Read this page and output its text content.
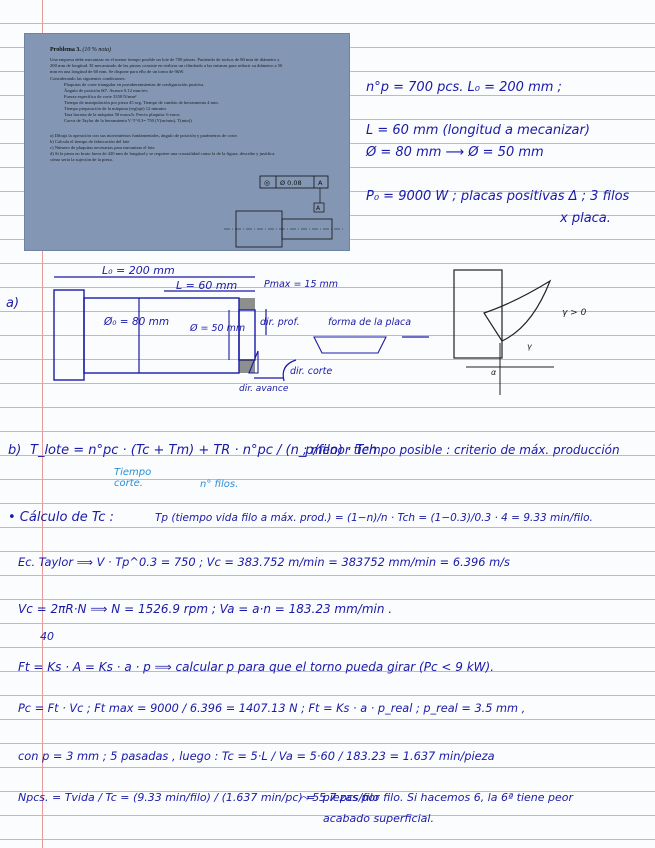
Problema 3. (10 % nota)
Una empresa debe mecanizar en el menor tiempo posible un lote de 700 piezas. Partiendo de tochos de 80 mm de diámetro y
200 mm de longitud. El mecanizado de las piezas consiste en realizar un cilindrado a las mismas para reducir su diámetro a 50
mm en una longitud de 60 mm. Se dispone para ello de un torno de 9kW.
Considerando las siguientes condiciones:
Plaquitas de corte triangular en portaherramientas de configuración positiva.
Ángulo de posición 60º. Avance 0.12 mm/rev.
Fuerza específica de corte 3350 N/mm²
Tiempo de manipulación por pieza 45 seg. Tiempo de cambio de herramienta 4 min.
Tiempo preparación de la máquina (reglaje) 12 minutos
Tasa horaria de la máquina 50 euros/h. Precio plaquita: 6 euros
Curva de Taylor de la herramienta V·T^0.3= 750 (V(m/min), T(min))
a) Dibuja la operación con sus movimientos fundamentales, ángulo de posición y parámetros de corte.
b) Calcula el tiempo de fabricación del lote
c) Número de plaquitas necesarias para mecanizar el lote
d) Si la pieza en bruto fuera de 420 mm de longitud y se requiere una coaxialidad como la de la figura, describe y justifica
cómo sería la sujeción de la pieza.
◎ Ø 0.08	A
A
n°p = 700 pcs. L₀ = 200 mm ;
L = 60 mm (longitud a mecanizar)
Ø = 80 mm ⟶ Ø = 50 mm
P₀ = 9000 W ; placas positivas Δ ; 3 filos
x placa.
a)
L₀ = 200 mm
L = 60 mm	Pmax = 15 mm
Ø₀ = 80 mm
Ø = 50 mm
dir. prof.	forma de la placa
dir. corte
dir. avance
γ > 0
γ
α
b) T_lote = n°pc · (Tc + Tm) + TR · n°pc / (n_p/filo) · Tch
; menor tiempo posible : criterio de máx. producción
Tiempo corte.	n° filos.
• Cálculo de Tc :	Tp (tiempo vida filo a máx. prod.) = (1−n)/n · Tch = (1−0.3)/0.3 · 4 = 9.33 min/filo.
Ec. Taylor ⟹ V · Tp^0.3 = 750 ; Vc = 383.752 m/min = 383752 mm/min = 6.396 m/s
Vc = 2πR·N ⟹ N = 1526.9 rpm ; Va = a·n = 183.23 mm/min .
40
Ft = Ks · A = Ks · a · p ⟹ calcular p para que el torno pueda girar (Pc < 9 kW).
Pc = Ft · Vc ; Ft max = 9000 / 6.396 = 1407.13 N ; Ft = Ks · a · p_real ; p_real = 3.5 mm ,
con p = 3 mm ; 5 pasadas , luego : Tc = 5·L / Va = 5·60 / 183.23 = 1.637 min/pieza
Npcs. = Tvida / Tc = (9.33 min/filo) / (1.637 min/pc) = 5.7 pcs/filo
⤳ 5 piezas por filo. Si hacemos 6, la 6ª tiene peor
acabado superficial.
